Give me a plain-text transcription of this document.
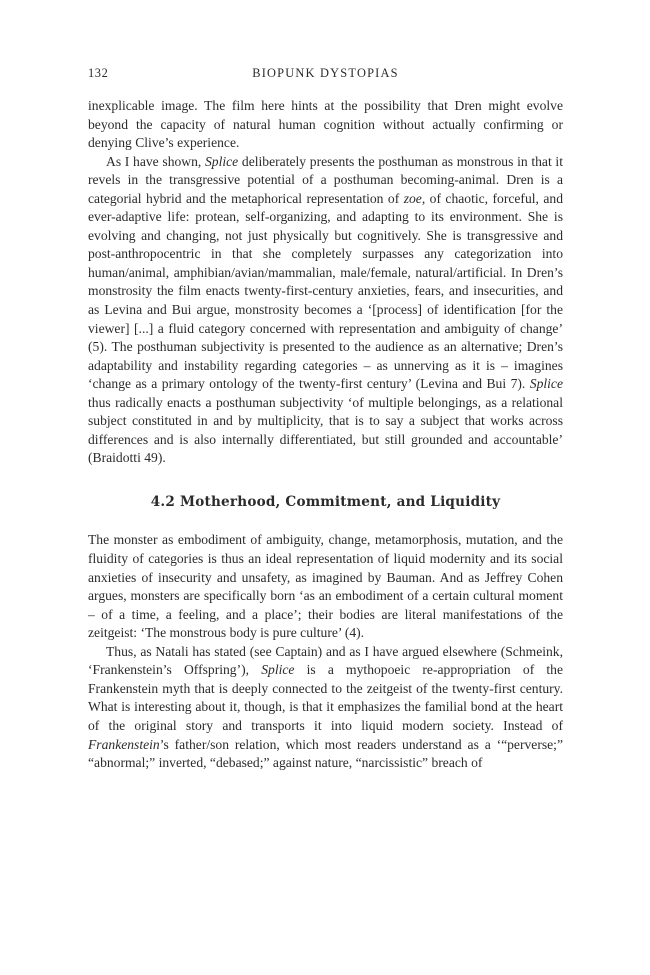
132	BIOPUNK DYSTOPIAS

inexplicable image. The film here hints at the possibility that Dren might evolve beyond the capacity of natural human cognition without actually confirming or denying Clive’s experience.

As I have shown, Splice deliberately presents the posthuman as monstrous in that it revels in the transgressive potential of a posthuman becoming-animal. Dren is a categorial hybrid and the metaphorical representation of zoe, of chaotic, forceful, and ever-adaptive life: protean, self-organizing, and adapting to its environment. She is evolving and changing, not just physically but cognitively. She is transgressive and post-anthropocentric in that she completely surpasses any categorization into human/animal, amphibian/avian/mammalian, male/female, natural/artificial. In Dren’s monstrosity the film enacts twenty-first-century anxieties, fears, and insecurities, and as Levina and Bui argue, monstrosity becomes a ‘[process] of identification [for the viewer] [...] a fluid category concerned with representation and ambiguity of change’ (5). The posthuman subjectivity is presented to the audience as an alternative; Dren’s adaptability and instability regarding categories – as unnerving as it is – imagines ‘change as a primary ontology of the twenty-first century’ (Levina and Bui 7). Splice thus radically enacts a posthuman subjectivity ‘of multiple belongings, as a relational subject constituted in and by multiplicity, that is to say a subject that works across differences and is also internally differentiated, but still grounded and accountable’ (Braidotti 49).

4.2 Motherhood, Commitment, and Liquidity

The monster as embodiment of ambiguity, change, metamorphosis, mutation, and the fluidity of categories is thus an ideal representation of liquid modernity and its social anxieties of insecurity and unsafety, as imagined by Bauman. And as Jeffrey Cohen argues, monsters are specifically born ‘as an embodiment of a certain cultural moment – of a time, a feeling, and a place’; their bodies are literal manifestations of the zeitgeist: ‘The monstrous body is pure culture’ (4).

Thus, as Natali has stated (see Captain) and as I have argued elsewhere (Schmeink, ‘Frankenstein’s Offspring’), Splice is a mythopoeic re-appropriation of the Frankenstein myth that is deeply connected to the zeitgeist of the twenty-first century. What is interesting about it, though, is that it emphasizes the familial bond at the heart of the original story and transports it into liquid modern society. Instead of Frankenstein’s father/son relation, which most readers understand as a ‘“perverse;” “abnormal;” inverted, “debased;” against nature, “narcissistic” breach of
